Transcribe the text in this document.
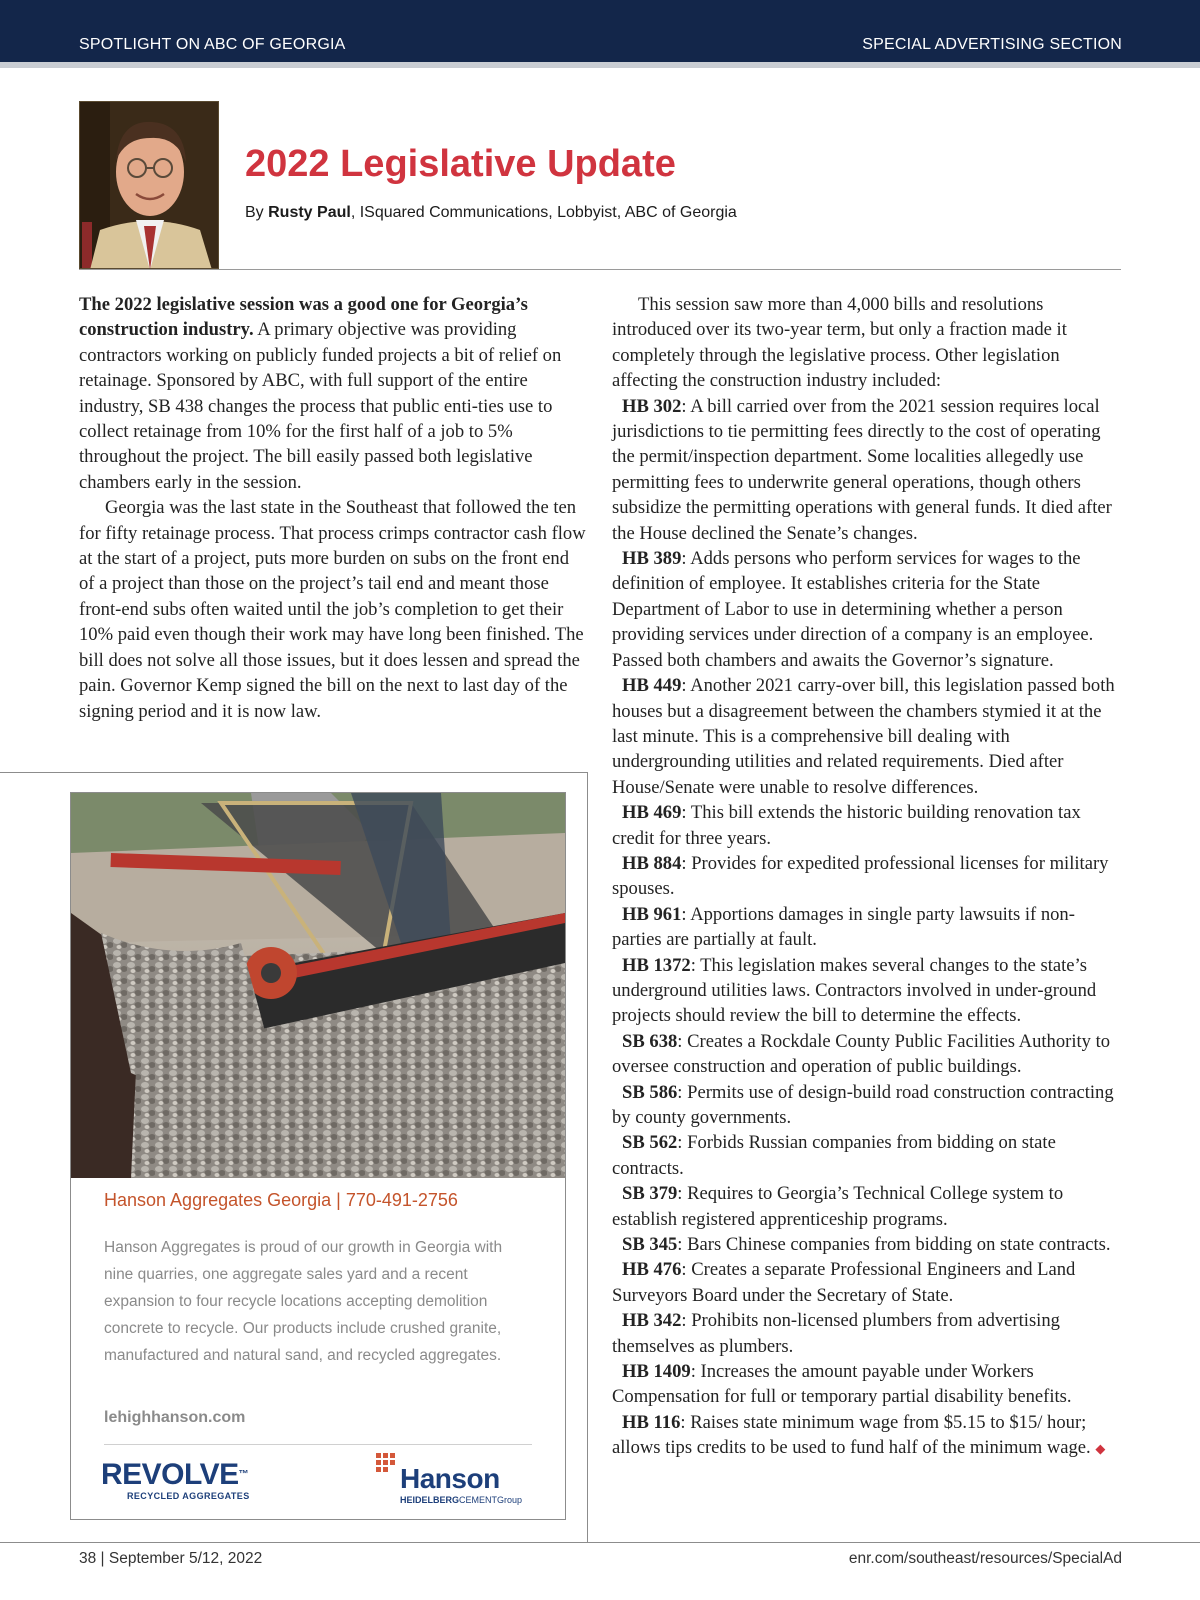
SPOTLIGHT ON ABC OF GEORGIA	SPECIAL ADVERTISING SECTION
2022 Legislative Update
By Rusty Paul, ISquared Communications, Lobbyist, ABC of Georgia

The 2022 legislative session was a good one for Georgia’s construction industry. A primary objective was providing contractors working on publicly funded projects a bit of relief on retainage. Sponsored by ABC, with full support of the entire industry, SB 438 changes the process that public enti-ties use to collect retainage from 10% for the first half of a job to 5% throughout the project. The bill easily passed both legislative chambers early in the session.

Georgia was the last state in the Southeast that followed the ten for fifty retainage process. That process crimps contractor cash flow at the start of a project, puts more burden on subs on the front end of a project than those on the project’s tail end and meant those front-end subs often waited until the job’s completion to get their 10% paid even though their work may have long been finished. The bill does not solve all those issues, but it does lessen and spread the pain. Governor Kemp signed the bill on the next to last day of the signing period and it is now law.

This session saw more than 4,000 bills and resolutions introduced over its two-year term, but only a fraction made it completely through the legislative process. Other legislation affecting the construction industry included:

HB 302: A bill carried over from the 2021 session requires local jurisdictions to tie permitting fees directly to the cost of operating the permit/inspection department. Some localities allegedly use permitting fees to underwrite general operations, though others subsidize the permitting operations with general funds. It died after the House declined the Senate’s changes.

HB 389: Adds persons who perform services for wages to the definition of employee. It establishes criteria for the State Department of Labor to use in determining whether a person providing services under direction of a company is an employee. Passed both chambers and awaits the Governor’s signature.

HB 449: Another 2021 carry-over bill, this legislation passed both houses but a disagreement between the chambers stymied it at the last minute. This is a comprehensive bill dealing with undergrounding utilities and related requirements. Died after House/Senate were unable to resolve differences.

HB 469: This bill extends the historic building renovation tax credit for three years.

HB 884: Provides for expedited professional licenses for military spouses.

HB 961: Apportions damages in single party lawsuits if non-parties are partially at fault.

HB 1372: This legislation makes several changes to the state’s underground utilities laws. Contractors involved in under-ground projects should review the bill to determine the effects.

SB 638: Creates a Rockdale County Public Facilities Authority to oversee construction and operation of public buildings.

SB 586: Permits use of design-build road construction contracting by county governments.

SB 562: Forbids Russian companies from bidding on state contracts.

SB 379: Requires to Georgia’s Technical College system to establish registered apprenticeship programs.

SB 345: Bars Chinese companies from bidding on state contracts.

HB 476: Creates a separate Professional Engineers and Land Surveyors Board under the Secretary of State.

HB 342: Prohibits non-licensed plumbers from advertising themselves as plumbers.

HB 1409: Increases the amount payable under Workers Compensation for full or temporary partial disability benefits.

HB 116: Raises state minimum wage from $5.15 to $15/ hour; allows tips credits to be used to fund half of the minimum wage. ◆

Hanson Aggregates Georgia | 770-491-2756
Hanson Aggregates is proud of our growth in Georgia with nine quarries, one aggregate sales yard and a recent expansion to four recycle locations accepting demolition concrete to recycle. Our products include crushed granite, manufactured and natural sand, and recycled aggregates.
lehighhanson.com
REVOLVE™
RECYCLED AGGREGATES
Hanson
HEIDELBERGCEMENTGroup
38 | September 5/12, 2022	enr.com/southeast/resources/SpecialAd
